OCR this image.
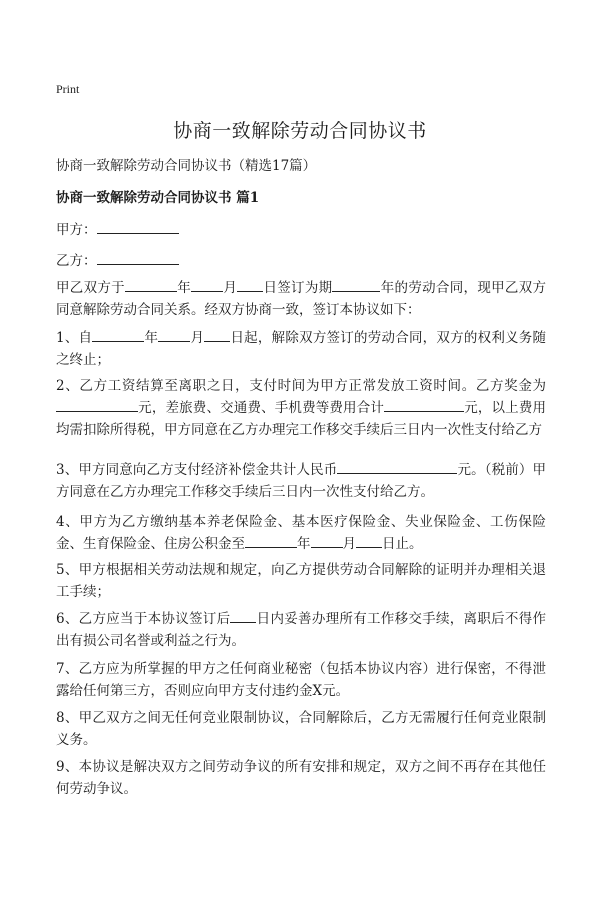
Print
协商一致解除劳动合同协议书
协商一致解除劳动合同协议书（精选17篇）
协商一致解除劳动合同协议书 篇1
甲方：
乙方：
甲乙双方于	年 月 日签订为期	年的劳动合同，现甲乙双方同意解除劳动合同关系。经双方协商一致，签订本协议如下：
1、自	年 月 日起，解除双方签订的劳动合同，双方的权利义务随之终止；
2、乙方工资结算至离职之日，支付时间为甲方正常发放工资时间。乙方奖金为元，差旅费、交通费、手机费等费用合计	元，以上费用均需扣除所得税，甲方同意在乙方办理完工作移交手续后三日内一次性支付给乙方
3、甲方同意向乙方支付经济补偿金共计人民币	元。（税前）甲方同意在乙方办理完工作移交手续后三日内一次性支付给乙方。
4、甲方为乙方缴纳基本养老保险金、基本医疗保险金、失业保险金、工伤保险金、生育保险金、住房公积金至	年 月 日止。
5、甲方根据相关劳动法规和规定，向乙方提供劳动合同解除的证明并办理相关退工手续；
6、乙方应当于本协议签订后 日内妥善办理所有工作移交手续，离职后不得作出有损公司名誉或利益之行为。
7、乙方应为所掌握的甲方之任何商业秘密（包括本协议内容）进行保密，不得泄露给任何第三方，否则应向甲方支付违约金X元。
8、甲乙双方之间无任何竞业限制协议，合同解除后，乙方无需履行任何竞业限制义务。
9、本协议是解决双方之间劳动争议的所有安排和规定，双方之间不再存在其他任何劳动争议。
